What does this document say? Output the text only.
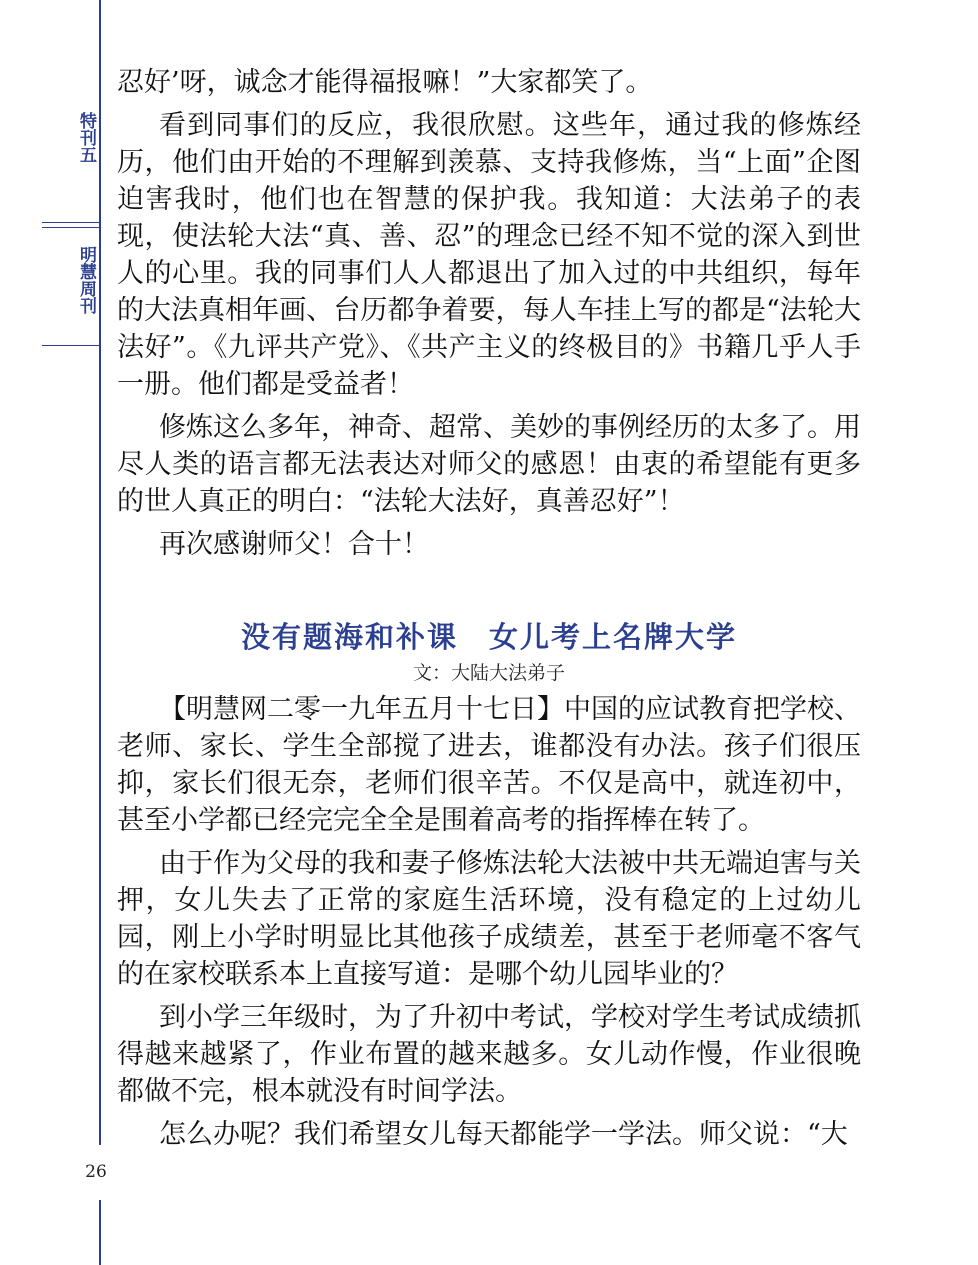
特刊五
明慧周刊
26

忍好’呀，诚念才能得福报嘛！”大家都笑了。

看到同事们的反应，我很欣慰。这些年，通过我的修炼经历，他们由开始的不理解到羡慕、支持我修炼，当“上面”企图迫害我时，他们也在智慧的保护我。我知道：大法弟子的表现，使法轮大法“真、善、忍”的理念已经不知不觉的深入到世人的心里。我的同事们人人都退出了加入过的中共组织，每年的大法真相年画、台历都争着要，每人车挂上写的都是“法轮大法好”。《九评共产党》、《共产主义的终极目的》书籍几乎人手一册。他们都是受益者！

修炼这么多年，神奇、超常、美妙的事例经历的太多了。用尽人类的语言都无法表达对师父的感恩！由衷的希望能有更多的世人真正的明白：“法轮大法好，真善忍好”！

再次感谢师父！合十！

没有题海和补课　女儿考上名牌大学
文：大陆大法弟子

【明慧网二零一九年五月十七日】中国的应试教育把学校、老师、家长、学生全部搅了进去，谁都没有办法。孩子们很压抑，家长们很无奈，老师们很辛苦。不仅是高中，就连初中，甚至小学都已经完完全全是围着高考的指挥棒在转了。

由于作为父母的我和妻子修炼法轮大法被中共无端迫害与关押，女儿失去了正常的家庭生活环境，没有稳定的上过幼儿园，刚上小学时明显比其他孩子成绩差，甚至于老师毫不客气的在家校联系本上直接写道：是哪个幼儿园毕业的？

到小学三年级时，为了升初中考试，学校对学生考试成绩抓得越来越紧了，作业布置的越来越多。女儿动作慢，作业很晚都做不完，根本就没有时间学法。

怎么办呢？我们希望女儿每天都能学一学法。师父说：“大
